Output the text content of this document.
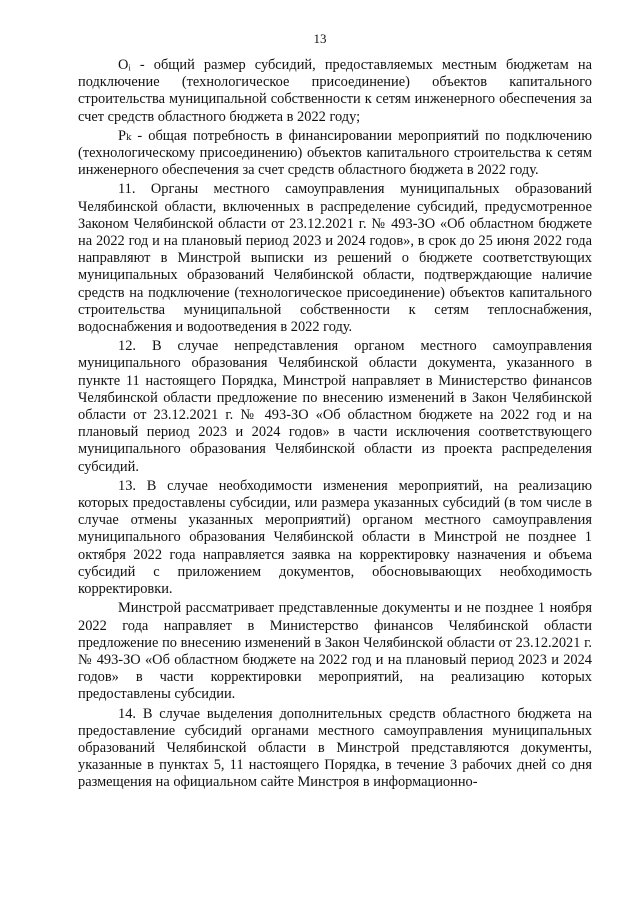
13

Oᵢ - общий размер субсидий, предоставляемых местным бюджетам на подключение (технологическое присоединение) объектов капитального строительства муниципальной собственности к сетям инженерного обеспечения за счет средств областного бюджета в 2022 году;

Pₖ - общая потребность в финансировании мероприятий по подключению (технологическому присоединению) объектов капитального строительства к сетям инженерного обеспечения за счет средств областного бюджета в 2022 году.

11. Органы местного самоуправления муниципальных образований Челябинской области, включенных в распределение субсидий, предусмотренное Законом Челябинской области от 23.12.2021 г. № 493-ЗО «Об областном бюджете на 2022 год и на плановый период 2023 и 2024 годов», в срок до 25 июня 2022 года направляют в Минстрой выписки из решений о бюджете соответствующих муниципальных образований Челябинской области, подтверждающие наличие средств на подключение (технологическое присоединение) объектов капитального строительства муниципальной собственности к сетям теплоснабжения, водоснабжения и водоотведения в 2022 году.

12. В случае непредставления органом местного самоуправления муниципального образования Челябинской области документа, указанного в пункте 11 настоящего Порядка, Минстрой направляет в Министерство финансов Челябинской области предложение по внесению изменений в Закон Челябинской области от 23.12.2021 г. № 493-ЗО «Об областном бюджете на 2022 год и на плановый период 2023 и 2024 годов» в части исключения соответствующего муниципального образования Челябинской области из проекта распределения субсидий.

13. В случае необходимости изменения мероприятий, на реализацию которых предоставлены субсидии, или размера указанных субсидий (в том числе в случае отмены указанных мероприятий) органом местного самоуправления муниципального образования Челябинской области в Минстрой не позднее 1 октября 2022 года направляется заявка на корректировку назначения и объема субсидий с приложением документов, обосновывающих необходимость корректировки.

Минстрой рассматривает представленные документы и не позднее 1 ноября 2022 года направляет в Министерство финансов Челябинской области предложение по внесению изменений в Закон Челябинской области от 23.12.2021 г. № 493-ЗО «Об областном бюджете на 2022 год и на плановый период 2023 и 2024 годов» в части корректировки мероприятий, на реализацию которых предоставлены субсидии.

14. В случае выделения дополнительных средств областного бюджета на предоставление субсидий органами местного самоуправления муниципальных образований Челябинской области в Минстрой представляются документы, указанные в пунктах 5, 11 настоящего Порядка, в течение 3 рабочих дней со дня размещения на официальном сайте Минстроя в информационно-
